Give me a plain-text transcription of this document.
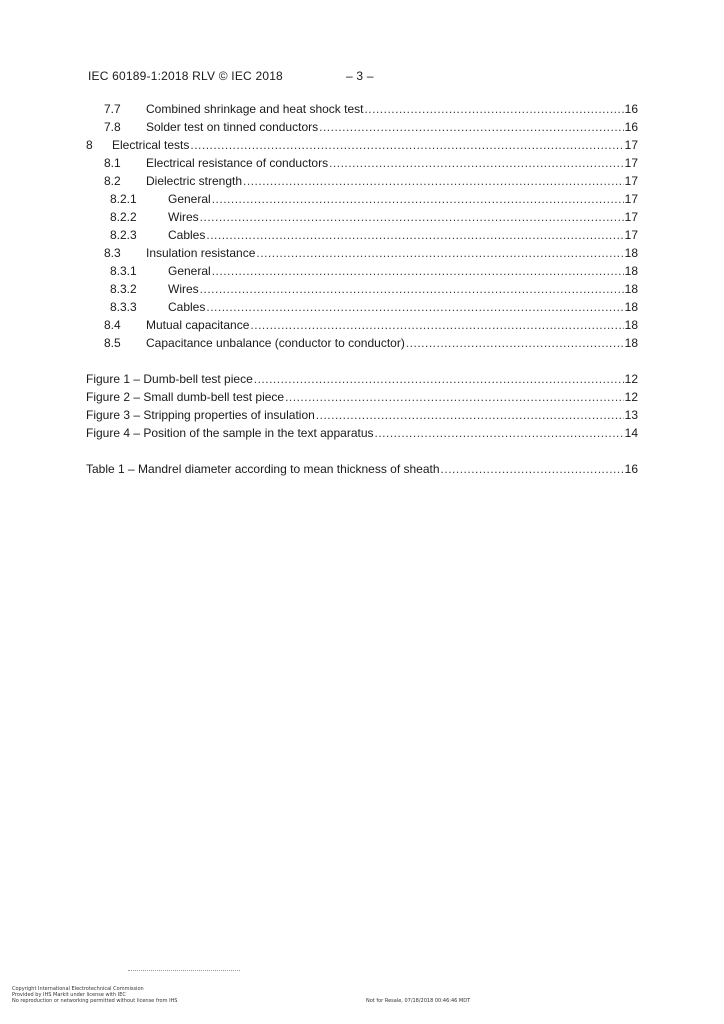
IEC 60189-1:2018 RLV © IEC 2018	– 3 –
7.7	Combined shrinkage and heat shock test .....	16
7.8	Solder test on tinned conductors .....	16
8	Electrical tests .....	17
8.1	Electrical resistance of conductors .....	17
8.2	Dielectric strength .....	17
8.2.1	General .....	17
8.2.2	Wires .....	17
8.2.3	Cables .....	17
8.3	Insulation resistance .....	18
8.3.1	General .....	18
8.3.2	Wires .....	18
8.3.3	Cables .....	18
8.4	Mutual capacitance .....	18
8.5	Capacitance unbalance (conductor to conductor) .....	18
Figure 1 – Dumb-bell test piece .....	12
Figure 2 – Small dumb-bell test piece .....	12
Figure 3 – Stripping properties of insulation .....	13
Figure 4 – Position of the sample in the text apparatus .....	14
Table 1 – Mandrel diameter according to mean thickness of sheath .....	16
Copyright International Electrotechnical Commission
Provided by IHS Markit under license with IEC
No reproduction or networking permitted without license from IHS	Not for Resale, 07/18/2018 00:46:46 MDT
